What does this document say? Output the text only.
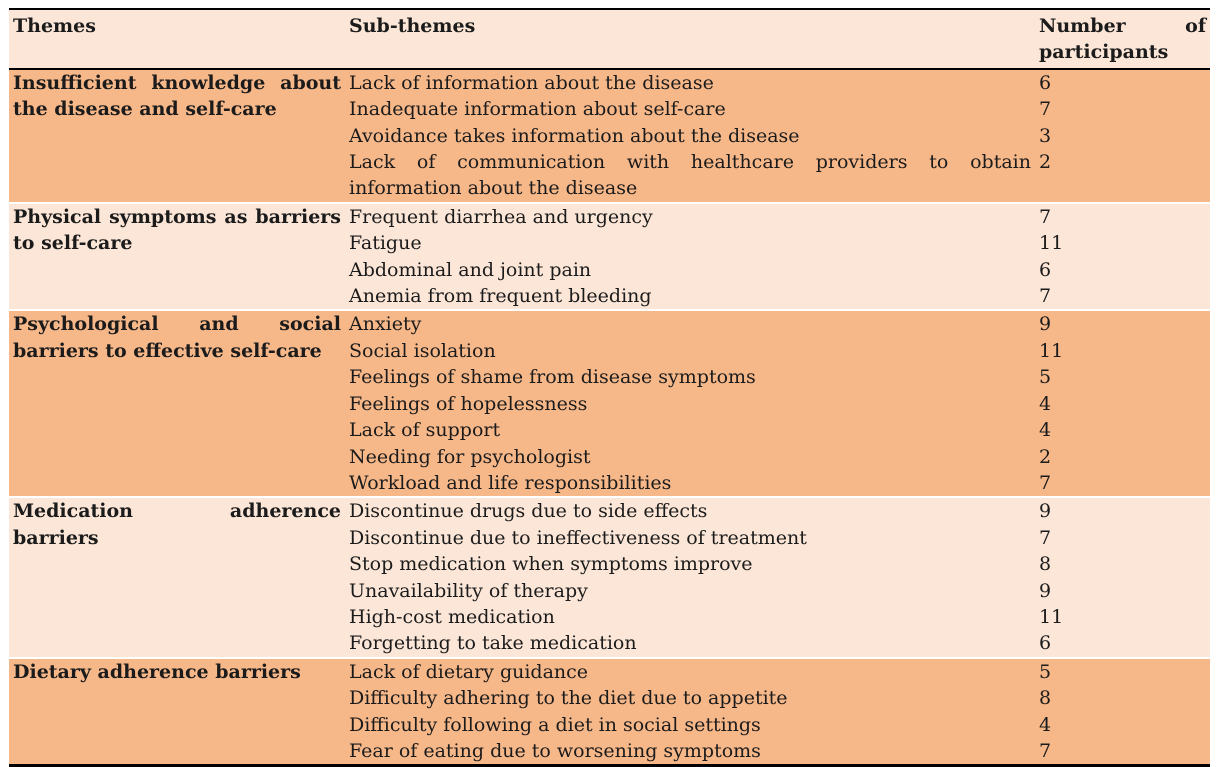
Themes	Sub-themes	Number of participants
Insufficient knowledge about the disease and self-care	Lack of information about the disease	6
	Inadequate information about self-care	7
	Avoidance takes information about the disease	3
	Lack of communication with healthcare providers to obtain information about the disease	2
Physical symptoms as barriers to self-care	Frequent diarrhea and urgency	7
	Fatigue	11
	Abdominal and joint pain	6
	Anemia from frequent bleeding	7
Psychological and social barriers to effective self-care	Anxiety	9
	Social isolation	11
	Feelings of shame from disease symptoms	5
	Feelings of hopelessness	4
	Lack of support	4
	Needing for psychologist	2
	Workload and life responsibilities	7
Medication adherence barriers	Discontinue drugs due to side effects	9
	Discontinue due to ineffectiveness of treatment	7
	Stop medication when symptoms improve	8
	Unavailability of therapy	9
	High-cost medication	11
	Forgetting to take medication	6
Dietary adherence barriers	Lack of dietary guidance	5
	Difficulty adhering to the diet due to appetite	8
	Difficulty following a diet in social settings	4
	Fear of eating due to worsening symptoms	7
